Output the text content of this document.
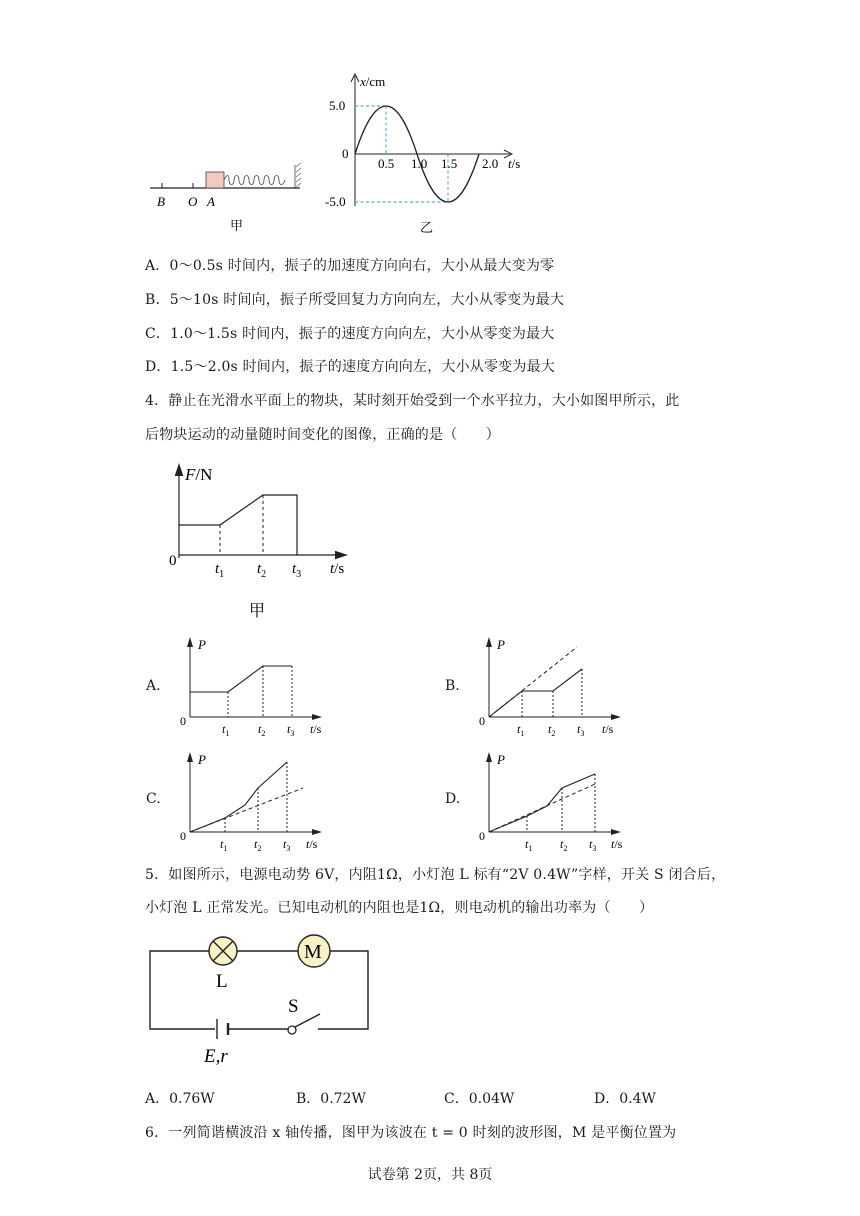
B O A
甲
x/cm
5.0
0
-5.0
0.5 1.0 1.5 2.0 t/s
乙
A．0～0.5s 时间内，振子的加速度方向向右，大小从最大变为零
B．5～10s 时间向，振子所受回复力方向向左，大小从零变为最大
C．1.0～1.5s 时间内，振子的速度方向向左，大小从零变为最大
D．1.5～2.0s 时间内，振子的速度方向向左，大小从零变为最大
4．静止在光滑水平面上的物块，某时刻开始受到一个水平拉力，大小如图甲所示，此
后物块运动的动量随时间变化的图像，正确的是（　　）
F/N
0	$t_1$ $t_2$ $t_3$ t/s
甲
A.	B.
C.	D.
P
0
$t_1$ $t_2$ $t_3$ t/s
P
0
$t_1$ $t_2$ $t_3$ t/s
P
0
$t_1$ $t_2$ $t_3$ t/s
P
0
$t_1$ $t_2$ $t_3$ t/s
5．如图所示，电源电动势 6V，内阻1Ω，小灯泡 L 标有“2V 0.4W”字样，开关 S 闭合后，
小灯泡 L 正常发光。已知电动机的内阻也是1Ω，则电动机的输出功率为（　　）
M
L
S
E,r
A．0.76W	B．0.72W	C．0.04W	D．0.4W
6．一列简谐横波沿 x 轴传播，图甲为该波在 t = 0 时刻的波形图，M 是平衡位置为
试卷第 2页，共 8页
